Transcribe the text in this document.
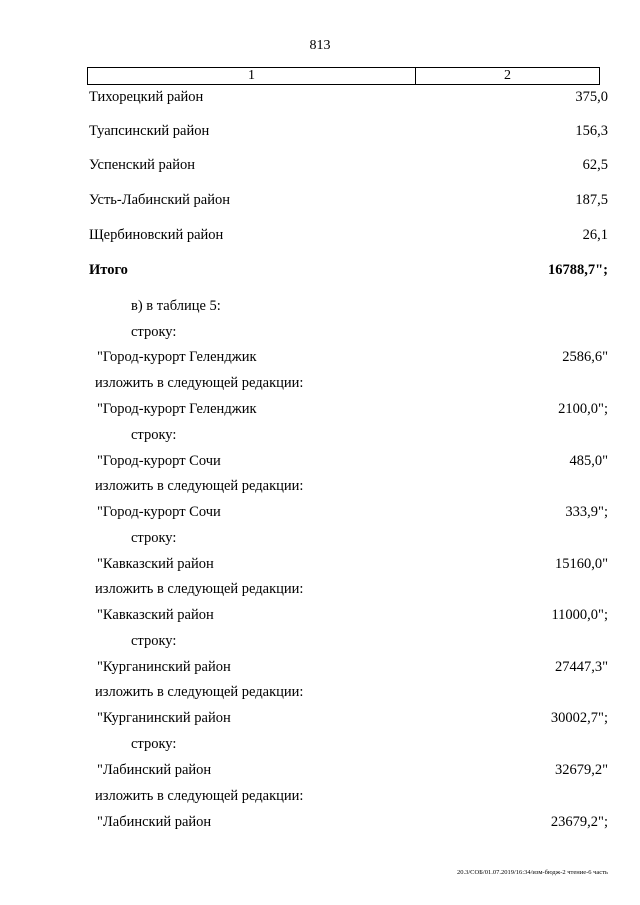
813
1	2
Тихорецкий район	375,0
Туапсинский район	156,3
Успенский район	62,5
Усть-Лабинский район	187,5
Щербиновский район	26,1
Итого	16788,7";
в) в таблице 5:
строку:
"Город-курорт Геленджик	2586,6"
изложить в следующей редакции:
"Город-курорт Геленджик	2100,0";
строку:
"Город-курорт Сочи	485,0"
изложить в следующей редакции:
"Город-курорт Сочи	333,9";
строку:
"Кавказский район	15160,0"
изложить в следующей редакции:
"Кавказский район	11000,0";
строку:
"Курганинский район	27447,3"
изложить в следующей редакции:
"Курганинский район	30002,7";
строку:
"Лабинский район	32679,2"
изложить в следующей редакции:
"Лабинский район	23679,2";
20.3/СОБ/01.07.2019/16:34/изм-бюдж-2 чтение-6 часть
